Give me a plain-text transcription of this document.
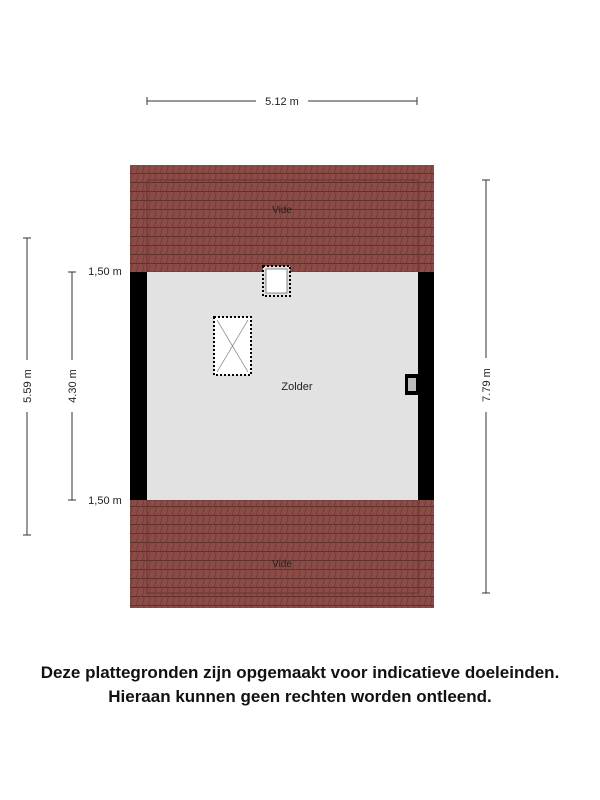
5.12 m
Vide
Zolder
Vide
5.59 m	4.30 m
1,50 m
1,50 m
7.79 m
Deze plattegronden zijn opgemaakt voor indicatieve doeleinden.
Hieraan kunnen geen rechten worden ontleend.
